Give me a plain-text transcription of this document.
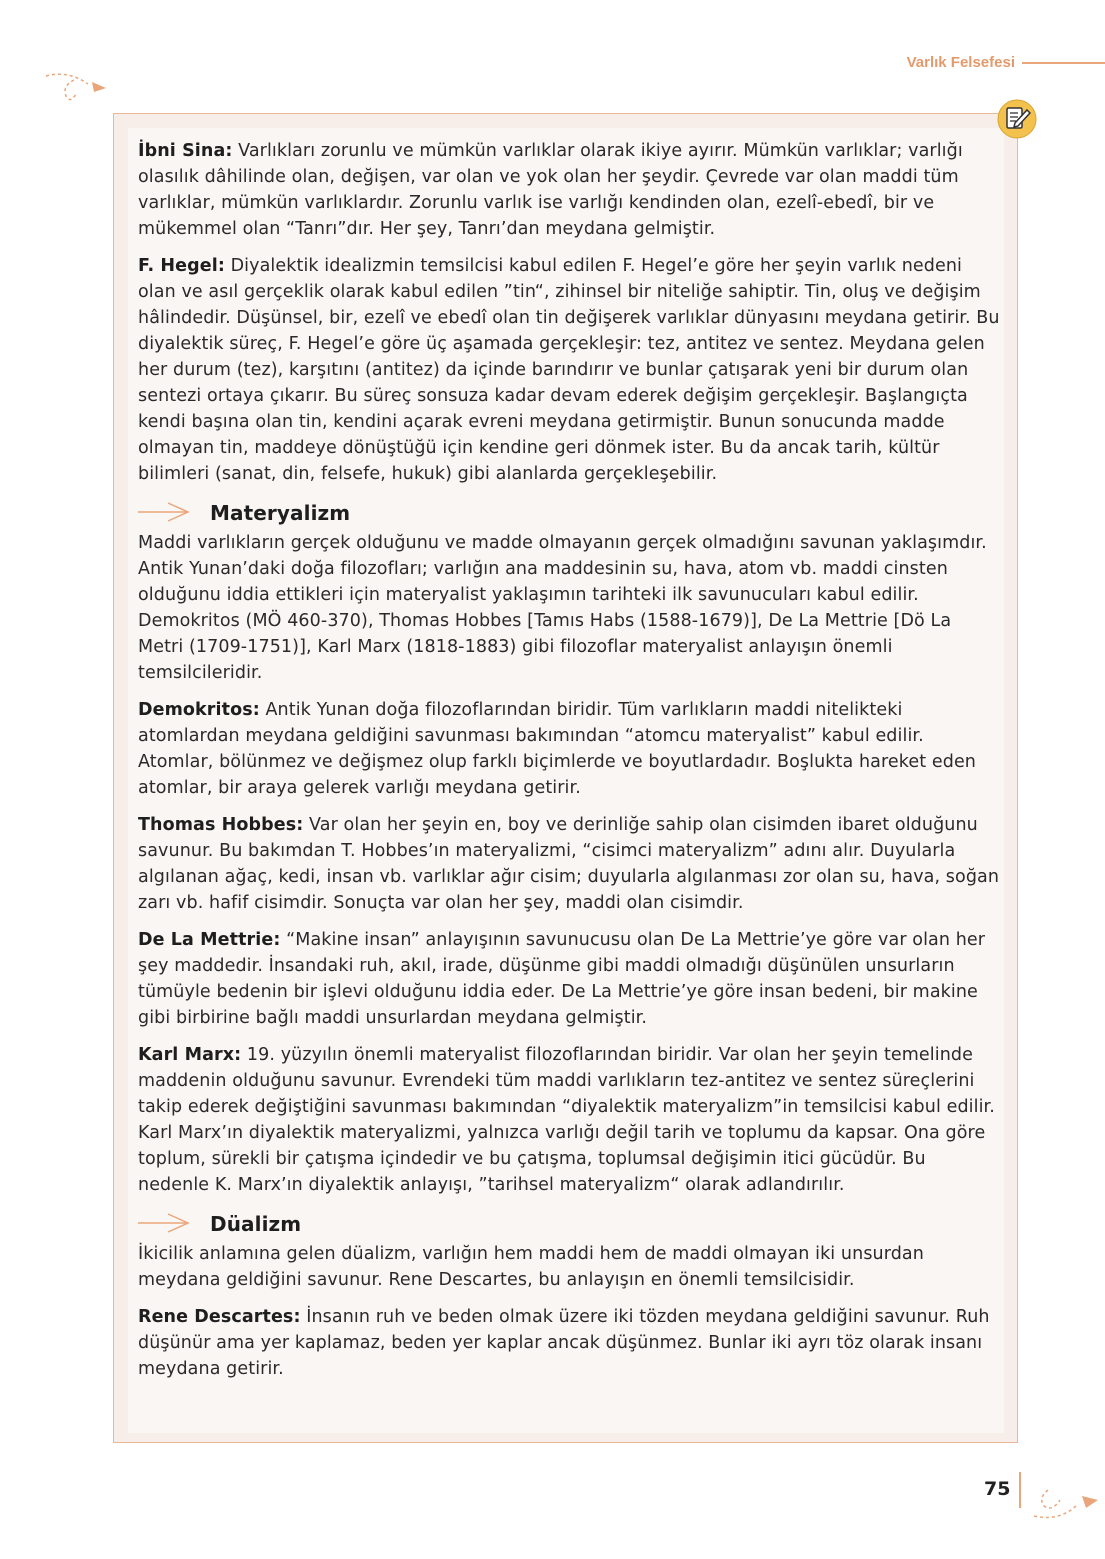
Varlık Felsefesi

İbni Sina: Varlıkları zorunlu ve mümkün varlıklar olarak ikiye ayırır. Mümkün varlıklar; varlığı olasılık dâhilinde olan, değişen, var olan ve yok olan her şeydir. Çevrede var olan maddi tüm varlıklar, mümkün varlıklardır. Zorunlu varlık ise varlığı kendinden olan, ezelî-ebedî, bir ve mükemmel olan “Tanrı”dır. Her şey, Tanrı’dan meydana gelmiştir.

F. Hegel: Diyalektik idealizmin temsilcisi kabul edilen F. Hegel’e göre her şeyin varlık nedeni olan ve asıl gerçeklik olarak kabul edilen ”tin“, zihinsel bir niteliğe sahiptir. Tin, oluş ve değişim hâlindedir. Düşünsel, bir, ezelî ve ebedî olan tin değişerek varlıklar dünyasını meydana getirir. Bu diyalektik süreç, F. Hegel’e göre üç aşamada gerçekleşir: tez, antitez ve sentez. Meydana gelen her durum (tez), karşıtını (antitez) da içinde barındırır ve bunlar çatışarak yeni bir durum olan sentezi ortaya çıkarır. Bu süreç sonsuza kadar devam ederek değişim gerçekleşir. Başlangıçta kendi başına olan tin, kendini açarak evreni meydana getirmiştir. Bunun sonucunda madde olmayan tin, maddeye dönüştüğü için kendine geri dönmek ister. Bu da ancak tarih, kültür bilimleri (sanat, din, felsefe, hukuk) gibi alanlarda gerçekleşebilir.

Materyalizm

Maddi varlıkların gerçek olduğunu ve madde olmayanın gerçek olmadığını savunan yaklaşımdır. Antik Yunan’daki doğa filozofları; varlığın ana maddesinin su, hava, atom vb. maddi cinsten olduğunu iddia ettikleri için materyalist yaklaşımın tarihteki ilk savunucuları kabul edilir. Demokritos (MÖ 460-370), Thomas Hobbes [Tamıs Habs (1588-1679)], De La Mettrie [Dö La Metri (1709-1751)], Karl Marx (1818-1883) gibi filozoflar materyalist anlayışın önemli temsilcileridir.

Demokritos: Antik Yunan doğa filozoflarından biridir. Tüm varlıkların maddi nitelikteki atomlardan meydana geldiğini savunması bakımından “atomcu materyalist” kabul edilir. Atomlar, bölünmez ve değişmez olup farklı biçimlerde ve boyutlardadır. Boşlukta hareket eden atomlar, bir araya gelerek varlığı meydana getirir.

Thomas Hobbes: Var olan her şeyin en, boy ve derinliğe sahip olan cisimden ibaret olduğunu savunur. Bu bakımdan T. Hobbes’ın materyalizmi, “cisimci materyalizm” adını alır. Duyularla algılanan ağaç, kedi, insan vb. varlıklar ağır cisim; duyularla algılanması zor olan su, hava, soğan zarı vb. hafif cisimdir. Sonuçta var olan her şey, maddi olan cisimdir.

De La Mettrie: “Makine insan” anlayışının savunucusu olan De La Mettrie’ye göre var olan her şey maddedir. İnsandaki ruh, akıl, irade, düşünme gibi maddi olmadığı düşünülen unsurların tümüyle bedenin bir işlevi olduğunu iddia eder. De La Mettrie’ye göre insan bedeni, bir makine gibi birbirine bağlı maddi unsurlardan meydana gelmiştir.

Karl Marx: 19. yüzyılın önemli materyalist filozoflarından biridir. Var olan her şeyin temelinde maddenin olduğunu savunur. Evrendeki tüm maddi varlıkların tez-antitez ve sentez süreçlerini takip ederek değiştiğini savunması bakımından “diyalektik materyalizm”in temsilcisi kabul edilir. Karl Marx’ın diyalektik materyalizmi, yalnızca varlığı değil tarih ve toplumu da kapsar. Ona göre toplum, sürekli bir çatışma içindedir ve bu çatışma, toplumsal değişimin itici gücüdür. Bu nedenle K. Marx’ın diyalektik anlayışı, ”tarihsel materyalizm“ olarak adlandırılır.

Düalizm

İkicilik anlamına gelen düalizm, varlığın hem maddi hem de maddi olmayan iki unsurdan meydana geldiğini savunur. Rene Descartes, bu anlayışın en önemli temsilcisidir.

Rene Descartes: İnsanın ruh ve beden olmak üzere iki tözden meydana geldiğini savunur. Ruh düşünür ama yer kaplamaz, beden yer kaplar ancak düşünmez. Bunlar iki ayrı töz olarak insanı meydana getirir.

75
